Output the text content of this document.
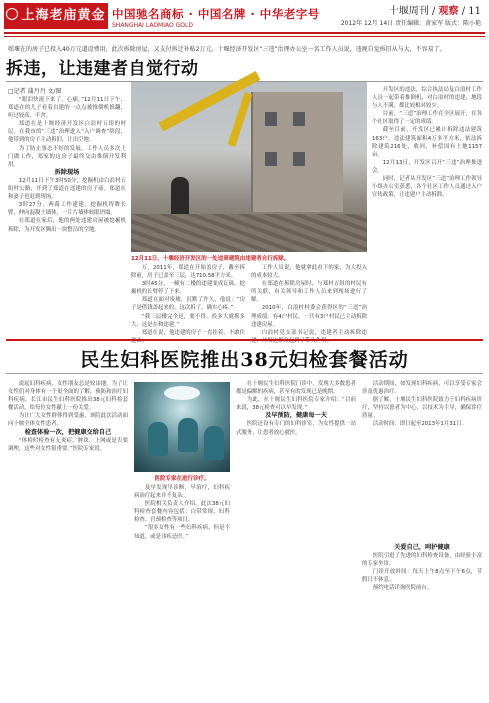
上海老庙黄金 中国驰名商标 · 中国名牌 · 中华老字号
SHANGHAI LAOMIAO GOLD
十堰周刊 / 观察 / 11
2012年 12月 14日 责任编辑：黄家军 版式：陈小艳
郧堰在的房子已投入40万元道设费用，此次拆除房屋，又支付拆迁补贴2万元。十堰经济开发区“三违”治理办公室一名工作人员说，违规自觉拆旧从与大，不容易了。
拆违，让违建者自觉行动
□记者 蒲丹丹 文/图

“眼泪快流下来了，心痛。”12月11日下午，郑道在的儿子看着自建的一点点被推倒机推翻，听过较高，不舍。

郑道在是十堰经济开发区白浪村五组的村民。在我市的“三违”治理进入“入户调查”阶段，他带到的房子主动拆旧，让出空地。

为了防止事态不好的发展，工作人员多次上门做工作，郑家的这房子最终交由推倒开发利用。

拆除现场

12月11日下午3时50分，挖掘机由白浪村五组村公路，开到了郑道在违建的房子前。郑道在和妻子也赶到现场。

3时27分，两幕工作建建。挖掘机挥舞长臂，伸向混凝土墙体，一片片墙体转眼坍塌。

在郑道在家后，他的两处违建房屋被挖掘机拆除，为开发区腾出一块整洁的空地。

12月11日，十堰经济开发区的一处违章建筑由违建者自行拆除。

万，2011年，郑道在开始盖房子，戴至拆除前，房子已盖至三层，达710.58平方米。

3时45分，一幢有二楼的违建变成瓦砾，挖掘机的长臂停了下来。

郑道在面对废墟，沉默了许久，他说：“房子是借钱盖起来的，这次拆了，确实心疼。”

“我三层楼完全是，要不得。投多大就拆多大，这是在和违建。”

郑道在说，他违建的房子一直挂着，不敢住

工作人员说，他就拿此看下的家，为大投入的成本较大。

在郑道在拆除房屋时，与郑村五组的村民有所关联，有关领导和工作人员来到现场进行了解。

2010年，白浪村村委会获得区的“三违”治理成绩。有4户村民，一共有3户村民已主动拆除违建房屋。

白浪村党支部书记说，违建者主动拆除违

开发区的违法，综合执法局复白浪村工作人员一起带着推倒机，对白浪村的违建，地段与人不满，都比较相对较少。

目前，“三违”治理工作在全区展开，在各个社区取得了一定的成绩。

截至目前，开发区已累计拆除违法建筑163户，违法建筑面积4万多平方米，依法拆除建筑216处，收回、补偿国有土地1157亩。

12月13日，开发区召开“三违”治理推进会。

同时，记者从开发区“三违”治理工作领导小组办公室获悉，各个社区工作人员通过入户宣传政策，让违建户主动拆除。

民生妇科医院推出38元妇检套餐活动

说起妇科疾病，女性朋友总是较讳地，为了让女性们对身体有一个更全面的了解，预防和治疗妇科疾病，长江市民生妇科医院推出38元妇科检套餐活动，给每位女性献上一份关爱。

为让广大女性群体得到受惠，该院此次活动面向十堰全体女性患者。

检查体验一次，把健康交给自己

“体检时检查有无炎症、肿块、上网或是否要调理，这些对女性很重要。”医院专家说。

医院专家在进行诊疗。

及早发现早诊断，早治疗，妇科疾病治疗起来并不复杂。

医院相关负责人介绍，此次38元妇科检查套餐内容包括：白带常规、妇科检查、宫颈检查等项目。

“很多女性有一些妇科疾病，但是不知道，或是讳疾忌医。”

在十堰民生妇科医院门诊中，发现大多数患者都是偏解的疾病，甚至有的发现已是晚期。

为此，在十堰民生妇科医院专家介绍：“目前来说，38元检查可以早发现。”

及早预防，健康每一天

医院还设有专门的妇科诊室，为女性提供一站式服务，让患者放心就医。

活动期间，如发现妇科疾病，可以享受专家会诊及优惠治疗。

据了解，十堰民生妇科医院致力于妇科疾病诊疗，坚持以患者为中心，以技术为主导，确保诊疗质量。

活动时间：即日起至2013年1月31日。

关爱自己，呵护健康

医院引进了先进的妇科检查设备，由经验丰富的专家坐诊。

门诊开放时间：每天上午8点至下午6点，节假日不休息。

预约电话详询医院前台。
